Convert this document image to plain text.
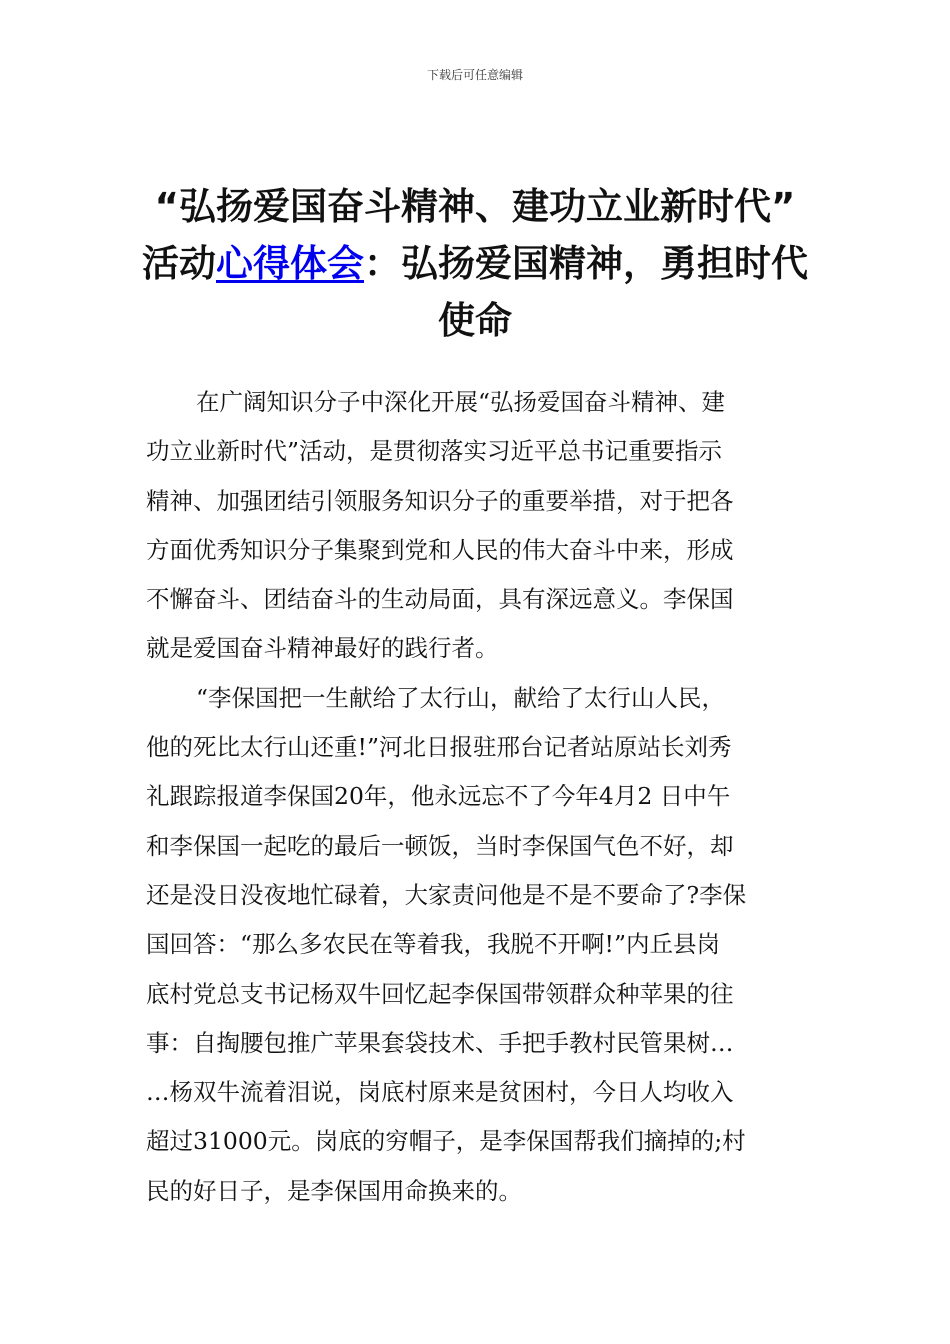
下载后可任意编辑
“弘扬爱国奋斗精神、建功立业新时代”
活动心得体会：弘扬爱国精神，勇担时代
使命

在广阔知识分子中深化开展“弘扬爱国奋斗精神、建
功立业新时代”活动，是贯彻落实习近平总书记重要指示
精神、加强团结引领服务知识分子的重要举措，对于把各
方面优秀知识分子集聚到党和人民的伟大奋斗中来，形成
不懈奋斗、团结奋斗的生动局面，具有深远意义。李保国
就是爱国奋斗精神最好的践行者。

“李保国把一生献给了太行山，献给了太行山人民，
他的死比太行山还重!”河北日报驻邢台记者站原站长刘秀
礼跟踪报道李保国20年，他永远忘不了今年4月2 日中午
和李保国一起吃的最后一顿饭，当时李保国气色不好，却
还是没日没夜地忙碌着，大家责问他是不是不要命了?李保
国回答：“那么多农民在等着我，我脱不开啊!”内丘县岗
底村党总支书记杨双牛回忆起李保国带领群众种苹果的往
事：自掏腰包推广苹果套袋技术、手把手教村民管果树…
…杨双牛流着泪说，岗底村原来是贫困村，今日人均收入
超过31000元。岗底的穷帽子，是李保国帮我们摘掉的;村
民的好日子，是李保国用命换来的。
